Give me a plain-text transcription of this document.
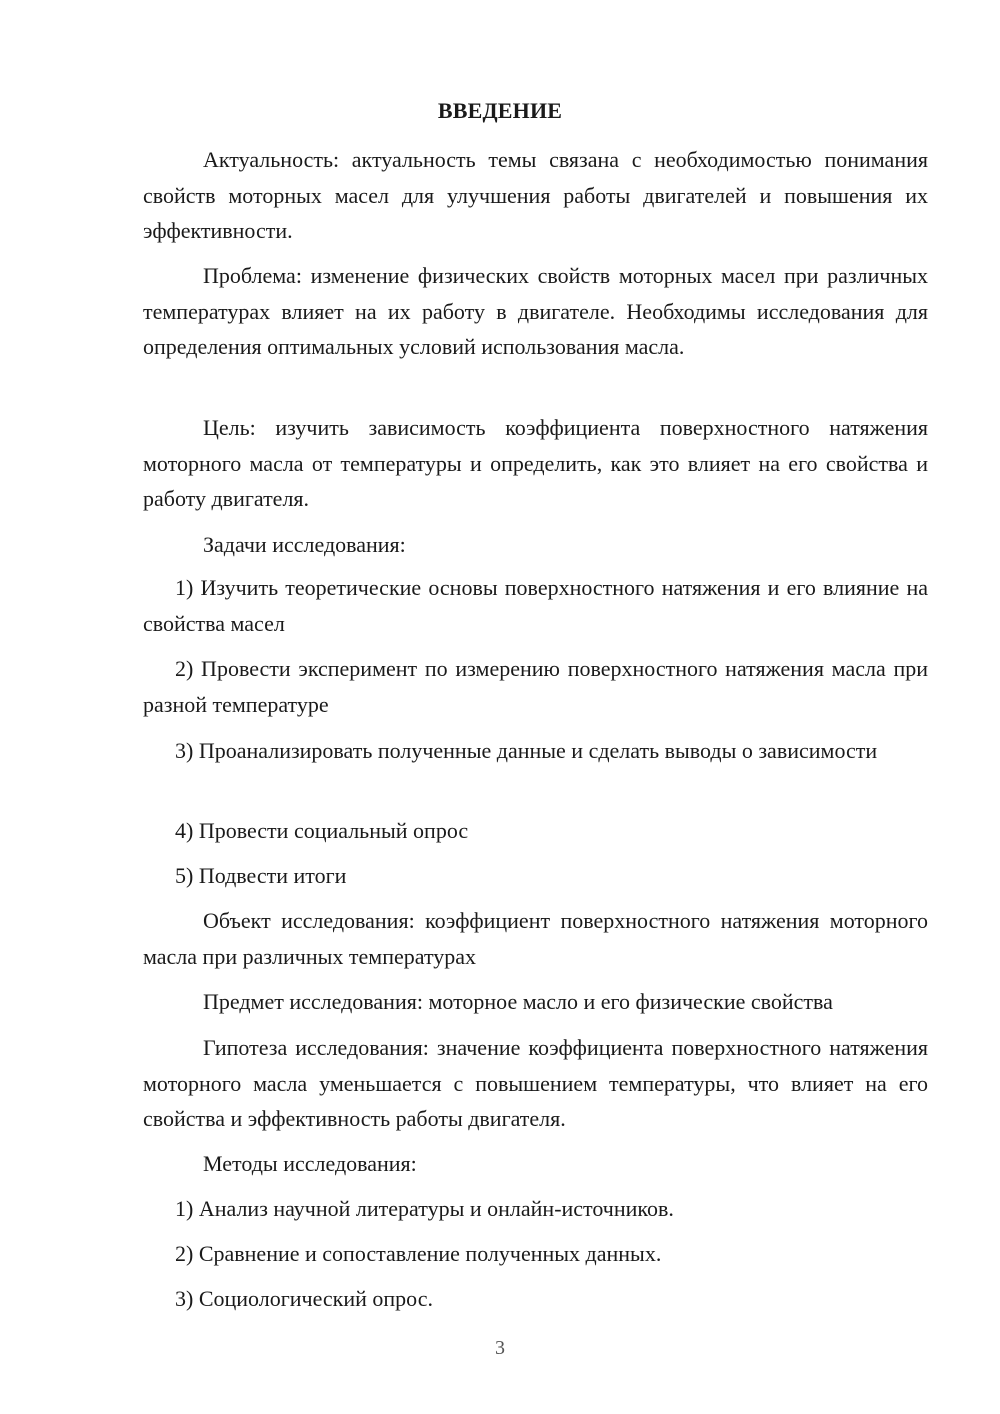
ВВЕДЕНИЕ

Актуальность: актуальность темы связана с необходимостью понимания свойств моторных масел для улучшения работы двигателей и повышения их эффективности.

Проблема: изменение физических свойств моторных масел при различных температурах влияет на их работу в двигателе. Необходимы исследования для определения оптимальных условий использования масла.

Цель: изучить зависимость коэффициента поверхностного натяжения моторного масла от температуры и определить, как это влияет на его свойства и работу двигателя.

Задачи исследования:

1) Изучить теоретические основы поверхностного натяжения и его влияние на свойства масел

2) Провести эксперимент по измерению поверхностного натяжения масла при разной температуре

3) Проанализировать полученные данные и сделать выводы о зависимости

4) Провести социальный опрос

5) Подвести итоги

Объект исследования: коэффициент поверхностного натяжения моторного масла при различных температурах

Предмет исследования: моторное масло и его физические свойства

Гипотеза исследования: значение коэффициента поверхностного натяжения моторного масла уменьшается с повышением температуры, что влияет на его свойства и эффективность работы двигателя.

Методы исследования:

1) Анализ научной литературы и онлайн-источников.

2) Сравнение и сопоставление полученных данных.

3) Социологический опрос.

3
